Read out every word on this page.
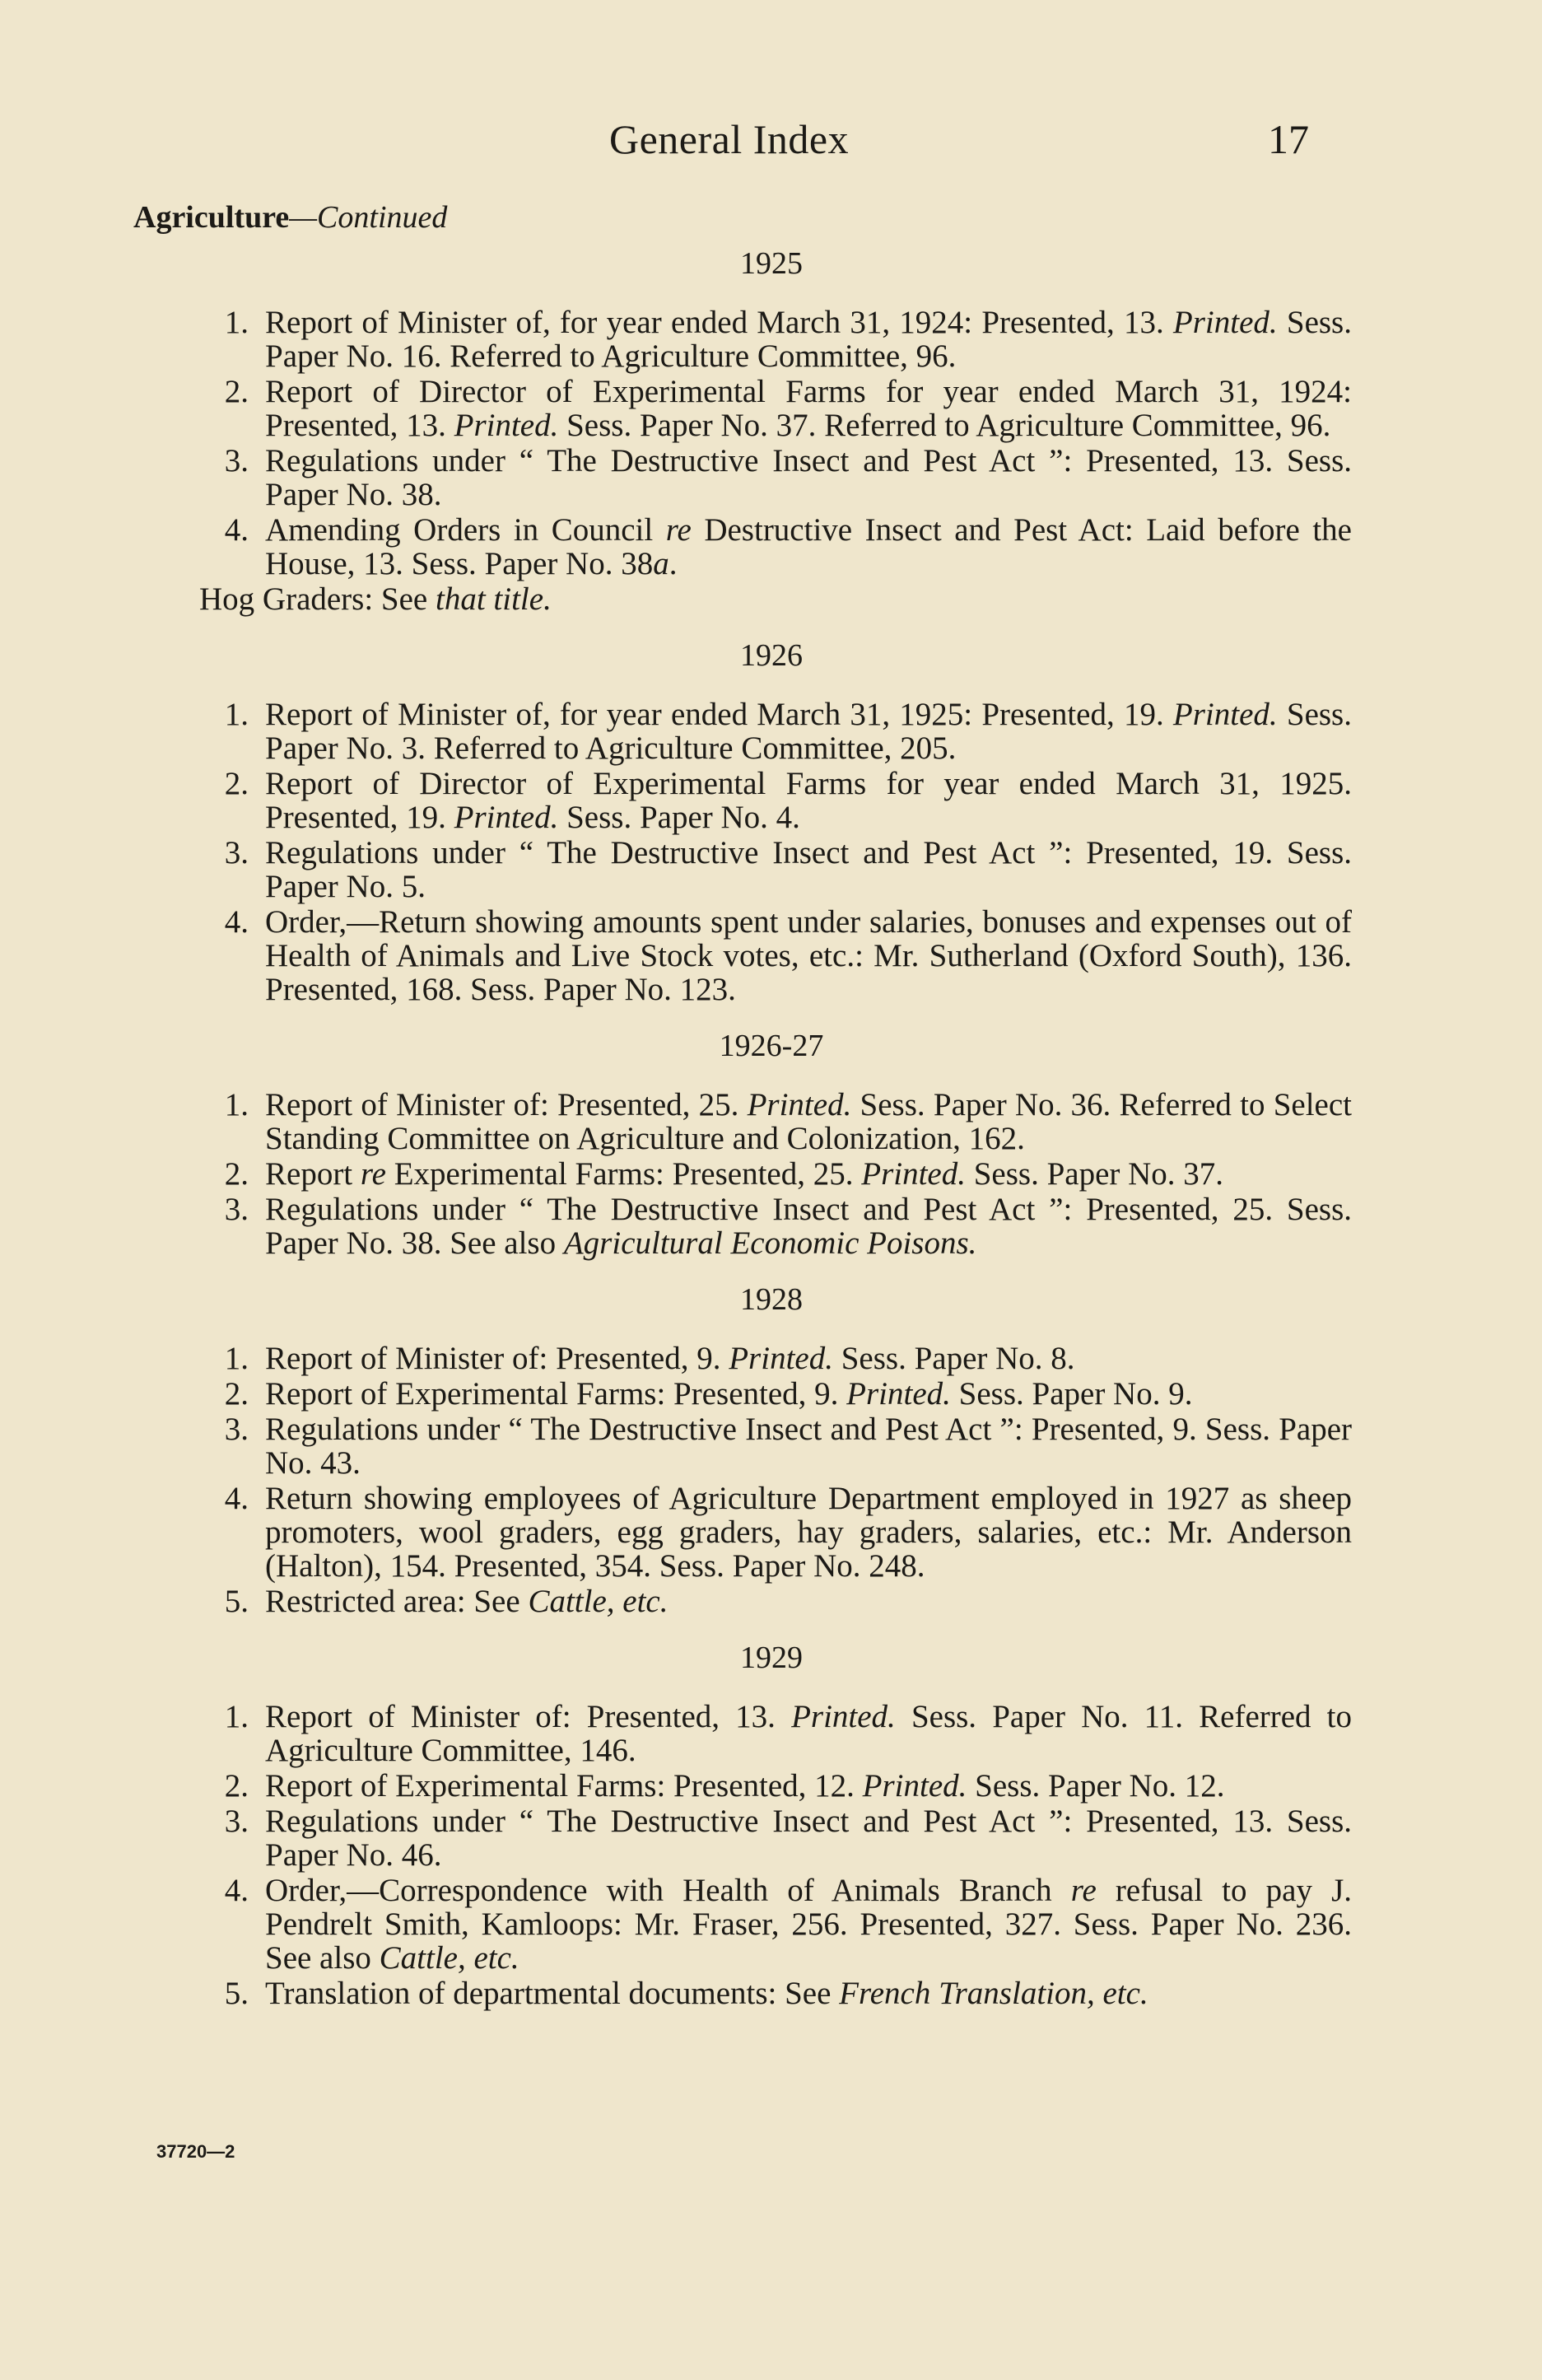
General Index	17
Agriculture—Continued
1925
1. Report of Minister of, for year ended March 31, 1924: Presented, 13. Printed. Sess. Paper No. 16. Referred to Agriculture Committee, 96.
2. Report of Director of Experimental Farms for year ended March 31, 1924: Presented, 13. Printed. Sess. Paper No. 37. Referred to Agriculture Committee, 96.
3. Regulations under “ The Destructive Insect and Pest Act ”: Presented, 13. Sess. Paper No. 38.
4. Amending Orders in Council re Destructive Insect and Pest Act: Laid before the House, 13. Sess. Paper No. 38a.
Hog Graders: See that title.
1926
1. Report of Minister of, for year ended March 31, 1925: Presented, 19. Printed. Sess. Paper No. 3. Referred to Agriculture Committee, 205.
2. Report of Director of Experimental Farms for year ended March 31, 1925. Presented, 19. Printed. Sess. Paper No. 4.
3. Regulations under “ The Destructive Insect and Pest Act ”: Presented, 19. Sess. Paper No. 5.
4. Order,—Return showing amounts spent under salaries, bonuses and expenses out of Health of Animals and Live Stock votes, etc.: Mr. Sutherland (Oxford South), 136. Presented, 168. Sess. Paper No. 123.
1926-27
1. Report of Minister of: Presented, 25. Printed. Sess. Paper No. 36. Referred to Select Standing Committee on Agriculture and Colonization, 162.
2. Report re Experimental Farms: Presented, 25. Printed. Sess. Paper No. 37.
3. Regulations under “ The Destructive Insect and Pest Act ”: Presented, 25. Sess. Paper No. 38. See also Agricultural Economic Poisons.
1928
1. Report of Minister of: Presented, 9. Printed. Sess. Paper No. 8.
2. Report of Experimental Farms: Presented, 9. Printed. Sess. Paper No. 9.
3. Regulations under “ The Destructive Insect and Pest Act ”: Presented, 9. Sess. Paper No. 43.
4. Return showing employees of Agriculture Department employed in 1927 as sheep promoters, wool graders, egg graders, hay graders, salaries, etc.: Mr. Anderson (Halton), 154. Presented, 354. Sess. Paper No. 248.
5. Restricted area: See Cattle, etc.
1929
1. Report of Minister of: Presented, 13. Printed. Sess. Paper No. 11. Referred to Agriculture Committee, 146.
2. Report of Experimental Farms: Presented, 12. Printed. Sess. Paper No. 12.
3. Regulations under “ The Destructive Insect and Pest Act ”: Presented, 13. Sess. Paper No. 46.
4. Order,—Correspondence with Health of Animals Branch re refusal to pay J. Pendrelt Smith, Kamloops: Mr. Fraser, 256. Presented, 327. Sess. Paper No. 236. See also Cattle, etc.
5. Translation of departmental documents: See French Translation, etc.
37720—2
